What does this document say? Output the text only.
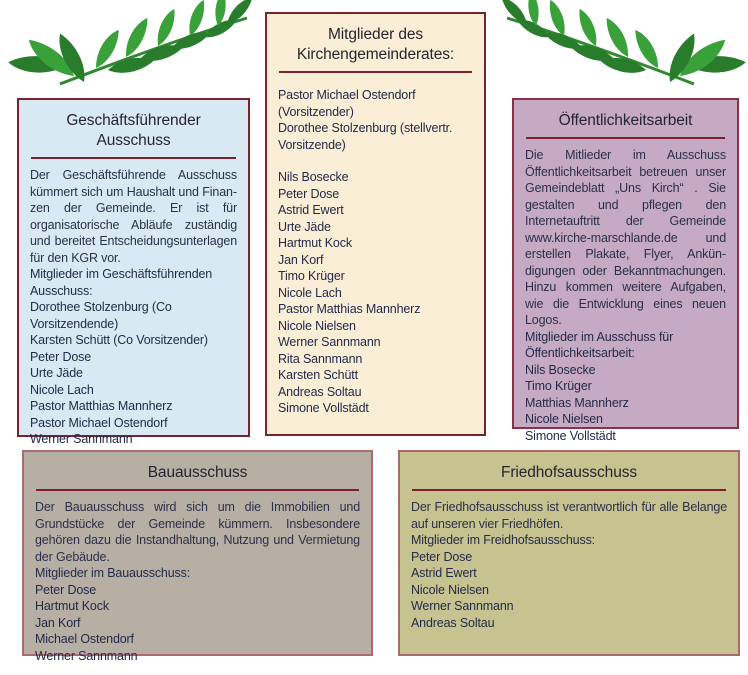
Geschäftsführender Ausschuss

Der Geschäftsführende Ausschuss kümmert sich um Haushalt und Finanzen der Gemeinde. Er ist für organisatorische Abläufe zuständig und bereitet Entscheidungsunterlagen für den KGR vor.

Mitglieder im Geschäftsführenden Ausschuss:

Dorothee Stolzenburg (Co Vorsitzendende)

Karsten Schütt (Co Vorsitzender)

Peter Dose

Urte Jäde

Nicole Lach

Pastor Matthias Mannherz

Pastor Michael Ostendorf

Werner Sannmann

Mitglieder des Kirchengemeinderates:

Pastor Michael Ostendorf (Vorsitzender)

Dorothee Stolzenburg (stellvertr. Vorsitzende)

Nils Bosecke

Peter Dose

Astrid Ewert

Urte Jäde

Hartmut Kock

Jan Korf

Timo Krüger

Nicole Lach

Pastor Matthias Mannherz

Nicole Nielsen

Werner Sannmann

Rita Sannmann

Karsten Schütt

Andreas Soltau

Simone Vollstädt

Öffentlichkeitsarbeit

Die Mitlieder im Ausschuss Öffentlichkeitsarbeit betreuen unser Gemeindeblatt „Uns Kirch“ . Sie gestalten und pflegen den Internetauftritt der Gemeinde www.kirche-marschlande.de und erstellen Plakate, Flyer, Ankündigungen oder Bekanntmachungen. Hinzu kommen weitere Aufgaben, wie die Entwicklung eines neuen Logos.

Mitglieder im Ausschuss für Öffentlichkeitsarbeit:

Nils Bosecke

Timo Krüger

Matthias Mannherz

Nicole Nielsen

Simone Vollstädt

Bauausschuss

Der Bauausschuss wird sich um die Immobilien und Grundstücke der Gemeinde kümmern. Insbesondere gehören dazu die Instandhaltung, Nutzung und Vermietung der Gebäude.

Mitglieder im Bauausschuss:

Peter Dose

Hartmut Kock

Jan Korf

Michael Ostendorf

Werner Sannmann

Friedhofsausschuss

Der Friedhofsausschuss ist verantwortlich für alle Belange auf unseren vier Friedhöfen.

Mitglieder im Freidhofsausschuss:

Peter Dose

Astrid Ewert

Nicole Nielsen

Werner Sannmann

Andreas Soltau
